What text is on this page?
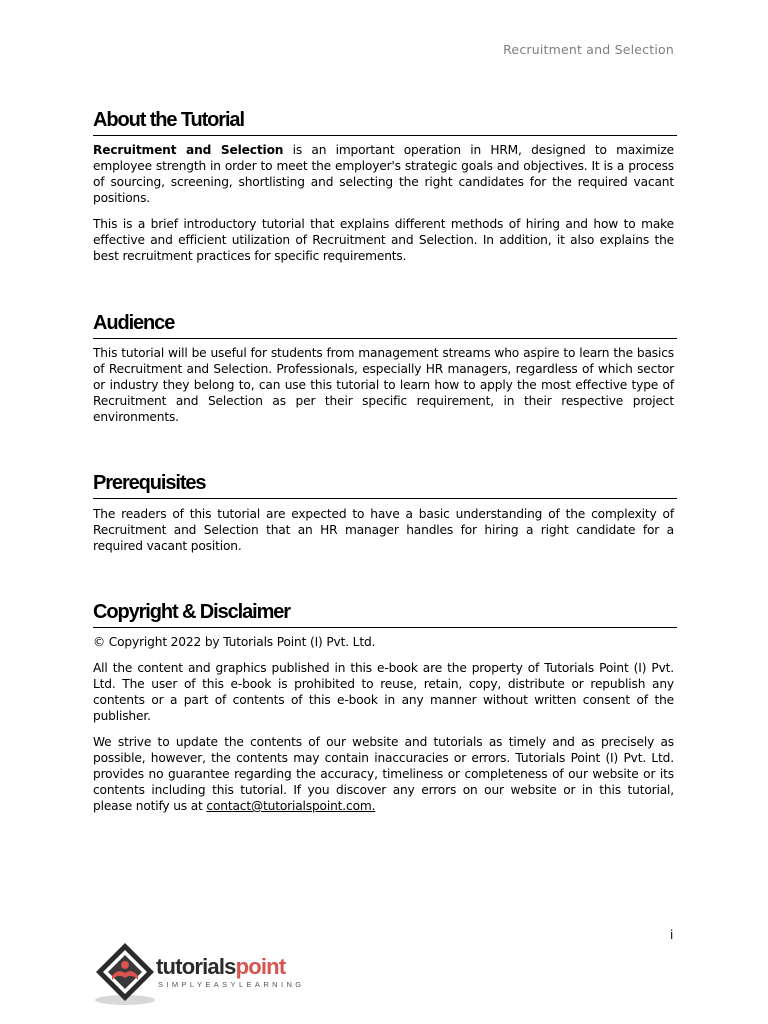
Recruitment and Selection
About the Tutorial

Recruitment and Selection is an important operation in HRM, designed to maximize employee strength in order to meet the employer's strategic goals and objectives. It is a process of sourcing, screening, shortlisting and selecting the right candidates for the required vacant positions.

This is a brief introductory tutorial that explains different methods of hiring and how to make effective and efficient utilization of Recruitment and Selection. In addition, it also explains the best recruitment practices for specific requirements.

Audience

This tutorial will be useful for students from management streams who aspire to learn the basics of Recruitment and Selection. Professionals, especially HR managers, regardless of which sector or industry they belong to, can use this tutorial to learn how to apply the most effective type of Recruitment and Selection as per their specific requirement, in their respective project environments.

Prerequisites

The readers of this tutorial are expected to have a basic understanding of the complexity of Recruitment and Selection that an HR manager handles for hiring a right candidate for a required vacant position.

Copyright & Disclaimer

© Copyright 2022 by Tutorials Point (I) Pvt. Ltd.

All the content and graphics published in this e-book are the property of Tutorials Point (I) Pvt. Ltd. The user of this e-book is prohibited to reuse, retain, copy, distribute or republish any contents or a part of contents of this e-book in any manner without written consent of the publisher.

We strive to update the contents of our website and tutorials as timely and as precisely as possible, however, the contents may contain inaccuracies or errors. Tutorials Point (I) Pvt. Ltd. provides no guarantee regarding the accuracy, timeliness or completeness of our website or its contents including this tutorial. If you discover any errors on our website or in this tutorial, please notify us at contact@tutorialspoint.com.

i
tutorialspoint
SIMPLYEASYLEARNING
